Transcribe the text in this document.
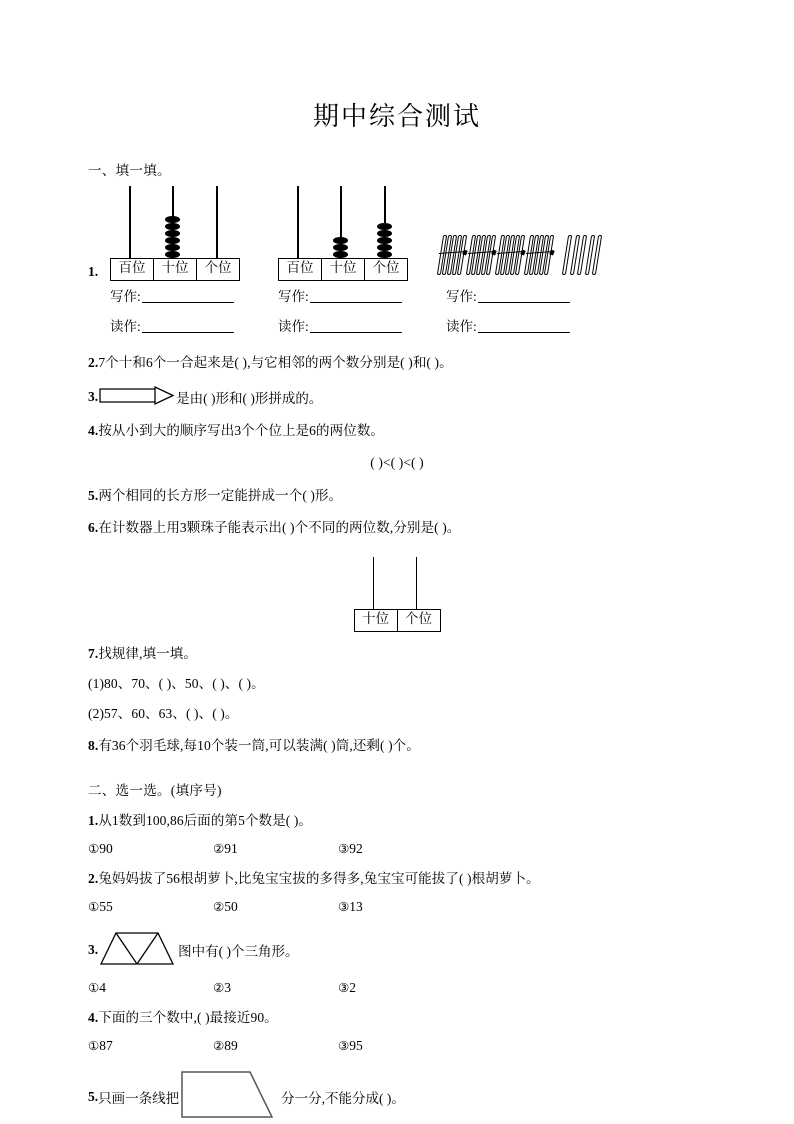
期中综合测试
一、填一填。
1.	百位	十位	个位	百位	十位	个位
写作:	写作:	写作:
读作:	读作:	读作:
2.7个十和6个一合起来是( ),与它相邻的两个数分别是( )和( )。
3.	是由( )形和( )形拼成的。
4.按从小到大的顺序写出3个个位上是6的两位数。
( )<( )<( )
5.两个相同的长方形一定能拼成一个( )形。
6.在计数器上用3颗珠子能表示出( )个不同的两位数,分别是( )。
十位	个位
7.找规律,填一填。
(1)80、70、( )、50、( )、( )。
(2)57、60、63、( )、( )。
8.有36个羽毛球,每10个装一筒,可以装满( )筒,还剩( )个。
二、选一选。(填序号)
1.从1数到100,86后面的第5个数是( )。
①90	②91	③92
2.兔妈妈拔了56根胡萝卜,比兔宝宝拔的多得多,兔宝宝可能拔了( )根胡萝卜。
①55	②50	③13
3.	图中有( )个三角形。
①4	②3	③2
4.下面的三个数中,( )最接近90。
①87	②89	③95
5. 只画一条线把	分一分,不能分成( )。
